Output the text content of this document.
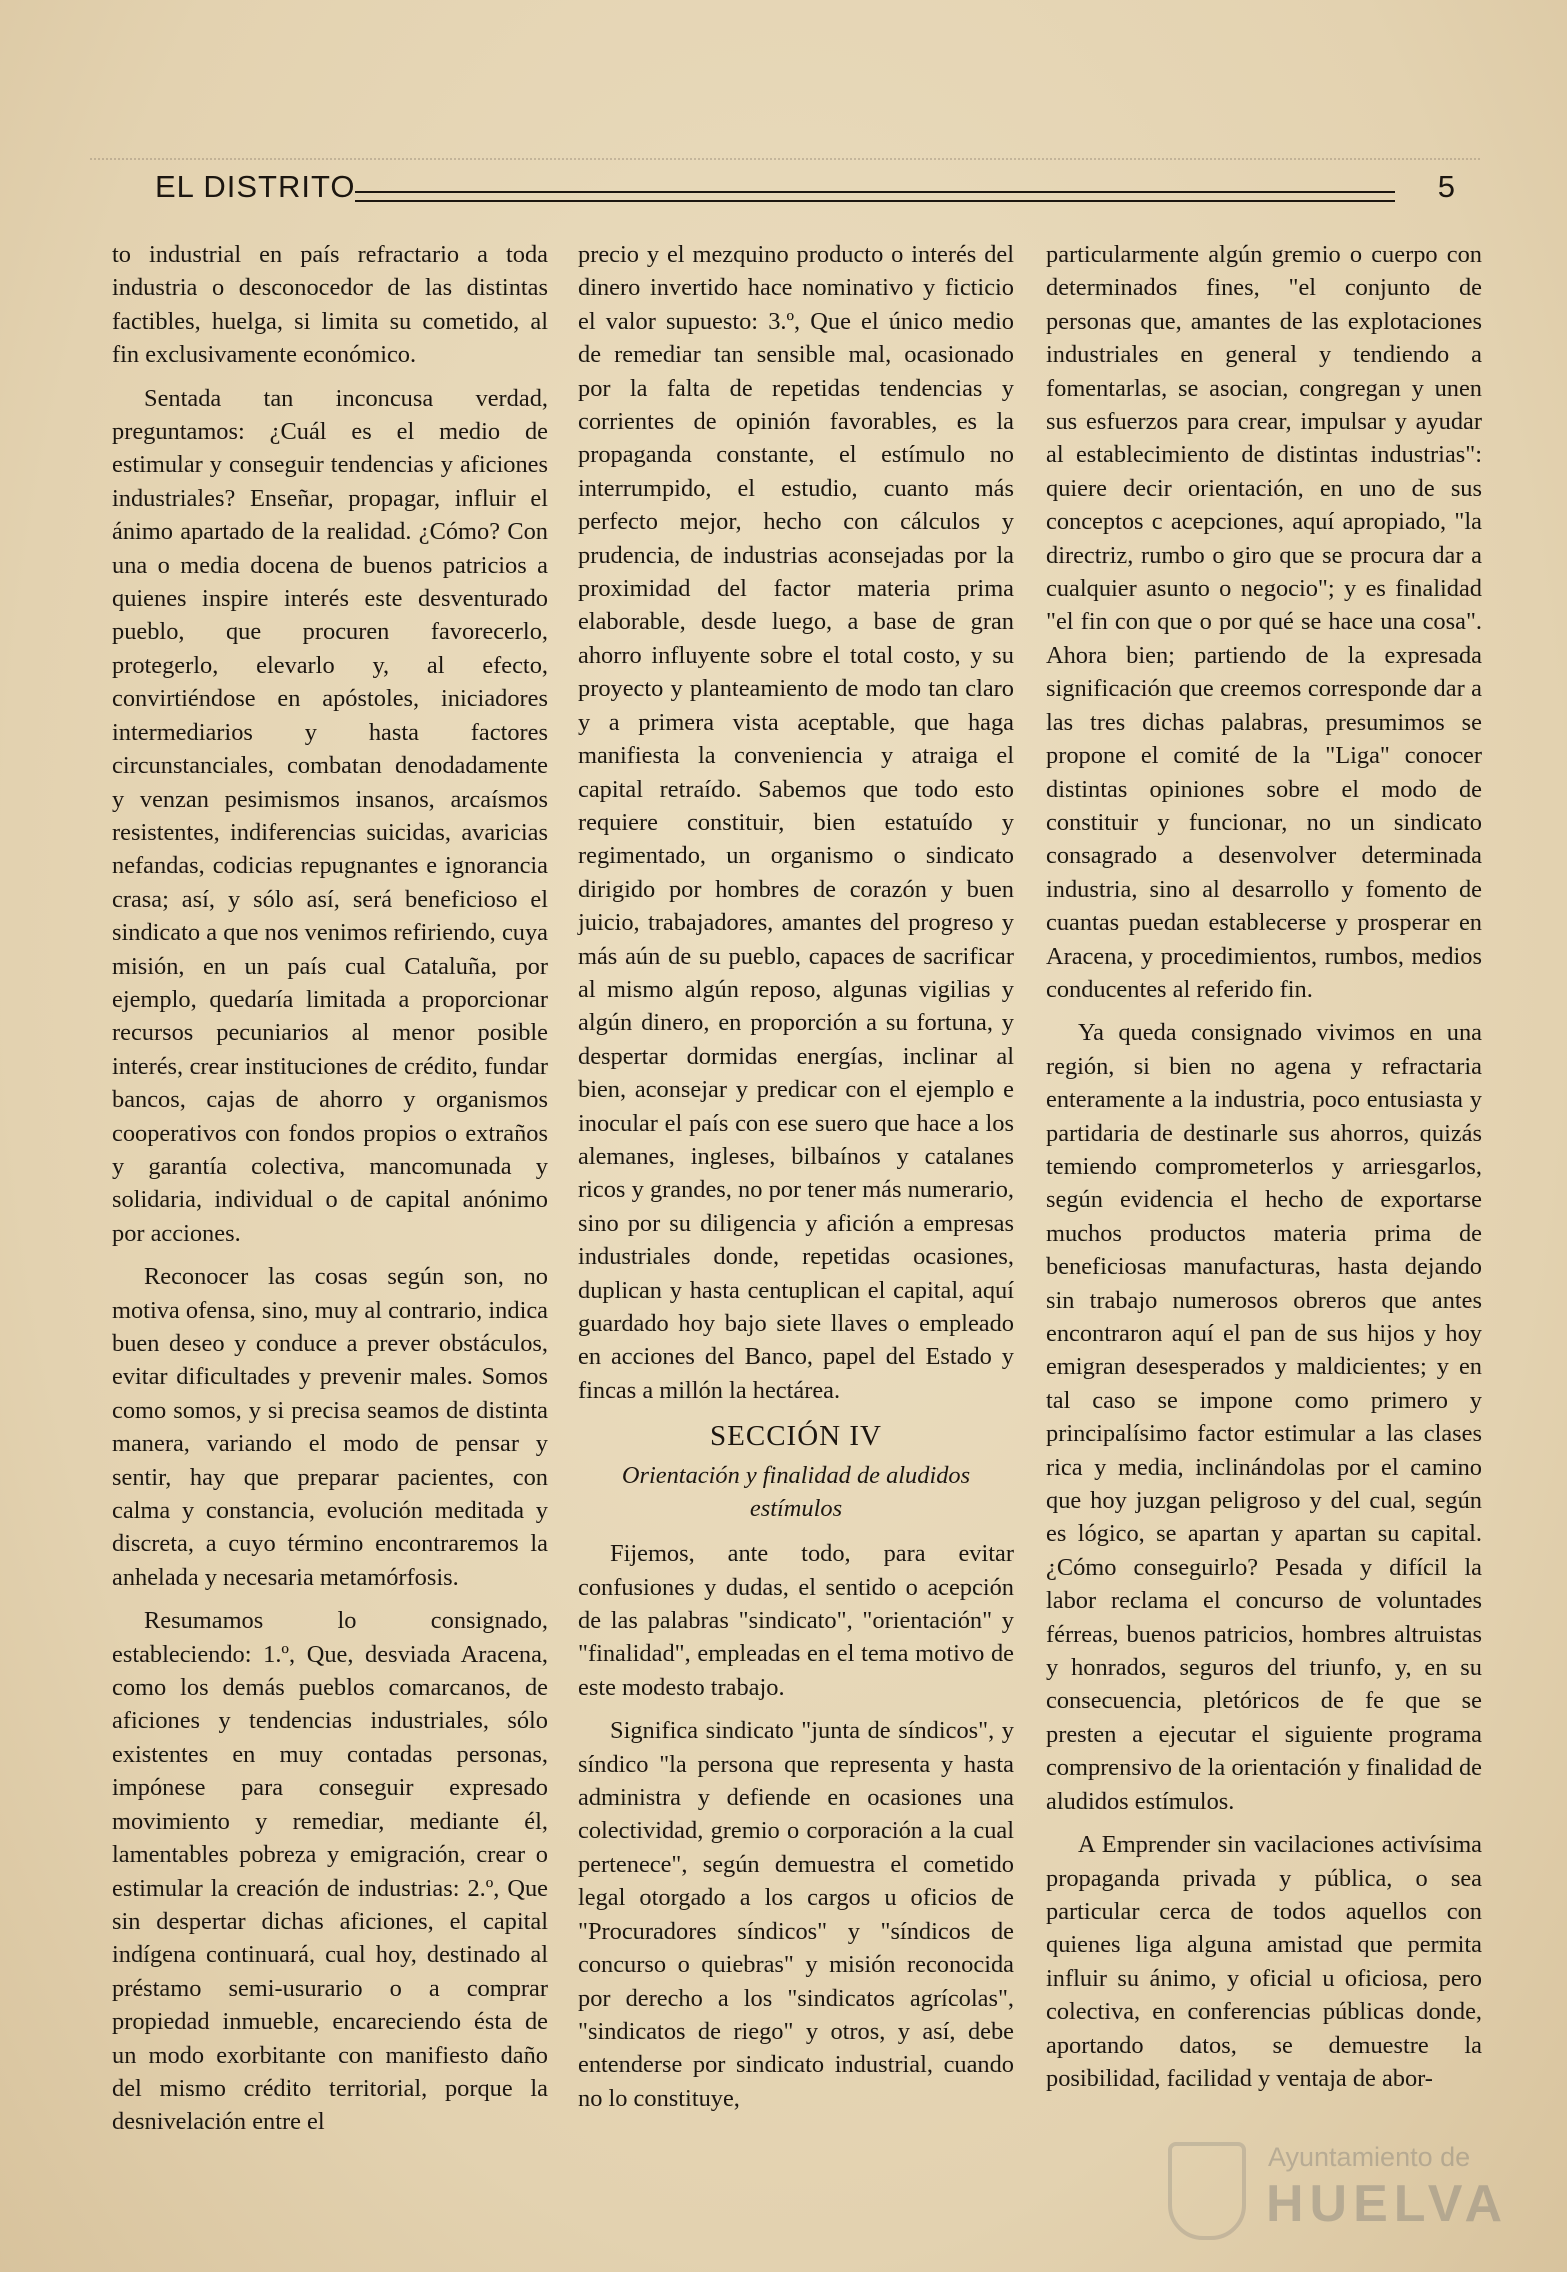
EL DISTRITO	5

to industrial en país refractario a toda industria o desconocedor de las distintas factibles, huelga, si limita su cometido, al fin exclusivamente económico.

Sentada tan inconcusa verdad, preguntamos: ¿Cuál es el medio de estimular y conseguir tendencias y aficiones industriales? Enseñar, propagar, influir el ánimo apartado de la realidad. ¿Cómo? Con una o media docena de buenos patricios a quienes inspire interés este desventurado pueblo, que procuren favorecerlo, protegerlo, elevarlo y, al efecto, convirtiéndose en apóstoles, iniciadores intermediarios y hasta factores circunstanciales, combatan denodadamente y venzan pesimismos insanos, arcaísmos resistentes, indiferencias suicidas, avaricias nefandas, codicias repugnantes e ignorancia crasa; así, y sólo así, será beneficioso el sindicato a que nos venimos refiriendo, cuya misión, en un país cual Cataluña, por ejemplo, quedaría limitada a proporcionar recursos pecuniarios al menor posible interés, crear instituciones de crédito, fundar bancos, cajas de ahorro y organismos cooperativos con fondos propios o extraños y garantía colectiva, mancomunada y solidaria, individual o de capital anónimo por acciones.

Reconocer las cosas según son, no motiva ofensa, sino, muy al contrario, indica buen deseo y conduce a prever obstáculos, evitar dificultades y prevenir males. Somos como somos, y si precisa seamos de distinta manera, variando el modo de pensar y sentir, hay que preparar pacientes, con calma y constancia, evolución meditada y discreta, a cuyo término encontraremos la anhelada y necesaria metamórfosis.

Resumamos lo consignado, estableciendo: 1.º, Que, desviada Aracena, como los demás pueblos comarcanos, de aficiones y tendencias industriales, sólo existentes en muy contadas personas, impónese para conseguir expresado movimiento y remediar, mediante él, lamentables pobreza y emigración, crear o estimular la creación de industrias: 2.º, Que sin despertar dichas aficiones, el capital indígena continuará, cual hoy, destinado al préstamo semi-usurario o a comprar propiedad inmueble, encareciendo ésta de un modo exorbitante con manifiesto daño del mismo crédito territorial, porque la desnivelación entre el

precio y el mezquino producto o interés del dinero invertido hace nominativo y ficticio el valor supuesto: 3.º, Que el único medio de remediar tan sensible mal, ocasionado por la falta de repetidas tendencias y corrientes de opinión favorables, es la propaganda constante, el estímulo no interrumpido, el estudio, cuanto más perfecto mejor, hecho con cálculos y prudencia, de industrias aconsejadas por la proximidad del factor materia prima elaborable, desde luego, a base de gran ahorro influyente sobre el total costo, y su proyecto y planteamiento de modo tan claro y a primera vista aceptable, que haga manifiesta la conveniencia y atraiga el capital retraído. Sabemos que todo esto requiere constituir, bien estatuído y regimentado, un organismo o sindicato dirigido por hombres de corazón y buen juicio, trabajadores, amantes del progreso y más aún de su pueblo, capaces de sacrificar al mismo algún reposo, algunas vigilias y algún dinero, en proporción a su fortuna, y despertar dormidas energías, inclinar al bien, aconsejar y predicar con el ejemplo e inocular el país con ese suero que hace a los alemanes, ingleses, bilbaínos y catalanes ricos y grandes, no por tener más numerario, sino por su diligencia y afición a empresas industriales donde, repetidas ocasiones, duplican y hasta centuplican el capital, aquí guardado hoy bajo siete llaves o empleado en acciones del Banco, papel del Estado y fincas a millón la hectárea.

SECCIÓN IV
Orientación y finalidad de aludidos estímulos

Fijemos, ante todo, para evitar confusiones y dudas, el sentido o acepción de las palabras "sindicato", "orientación" y "finalidad", empleadas en el tema motivo de este modesto trabajo.

Significa sindicato "junta de síndicos", y síndico "la persona que representa y hasta administra y defiende en ocasiones una colectividad, gremio o corporación a la cual pertenece", según demuestra el cometido legal otorgado a los cargos u oficios de "Procuradores síndicos" y "síndicos de concurso o quiebras" y misión reconocida por derecho a los "sindicatos agrícolas", "sindicatos de riego" y otros, y así, debe entenderse por sindicato industrial, cuando no lo constituye,

particularmente algún gremio o cuerpo con determinados fines, "el conjunto de personas que, amantes de las explotaciones industriales en general y tendiendo a fomentarlas, se asocian, congregan y unen sus esfuerzos para crear, impulsar y ayudar al establecimiento de distintas industrias": quiere decir orientación, en uno de sus conceptos c acepciones, aquí apropiado, "la directriz, rumbo o giro que se procura dar a cualquier asunto o negocio"; y es finalidad "el fin con que o por qué se hace una cosa". Ahora bien; partiendo de la expresada significación que creemos corresponde dar a las tres dichas palabras, presumimos se propone el comité de la "Liga" conocer distintas opiniones sobre el modo de constituir y funcionar, no un sindicato consagrado a desenvolver determinada industria, sino al desarrollo y fomento de cuantas puedan establecerse y prosperar en Aracena, y procedimientos, rumbos, medios conducentes al referido fin.

Ya queda consignado vivimos en una región, si bien no agena y refractaria enteramente a la industria, poco entusiasta y partidaria de destinarle sus ahorros, quizás temiendo comprometerlos y arriesgarlos, según evidencia el hecho de exportarse muchos productos materia prima de beneficiosas manufacturas, hasta dejando sin trabajo numerosos obreros que antes encontraron aquí el pan de sus hijos y hoy emigran desesperados y maldicientes; y en tal caso se impone como primero y principalísimo factor estimular a las clases rica y media, inclinándolas por el camino que hoy juzgan peligroso y del cual, según es lógico, se apartan y apartan su capital. ¿Cómo conseguirlo? Pesada y difícil la labor reclama el concurso de voluntades férreas, buenos patricios, hombres altruistas y honrados, seguros del triunfo, y, en su consecuencia, pletóricos de fe que se presten a ejecutar el siguiente programa comprensivo de la orientación y finalidad de aludidos estímulos.

A Emprender sin vacilaciones activísima propaganda privada y pública, o sea particular cerca de todos aquellos con quienes liga alguna amistad que permita influir su ánimo, y oficial u oficiosa, pero colectiva, en conferencias públicas donde, aportando datos, se demuestre la posibilidad, facilidad y ventaja de abor-

Ayuntamiento de
HUELVA
